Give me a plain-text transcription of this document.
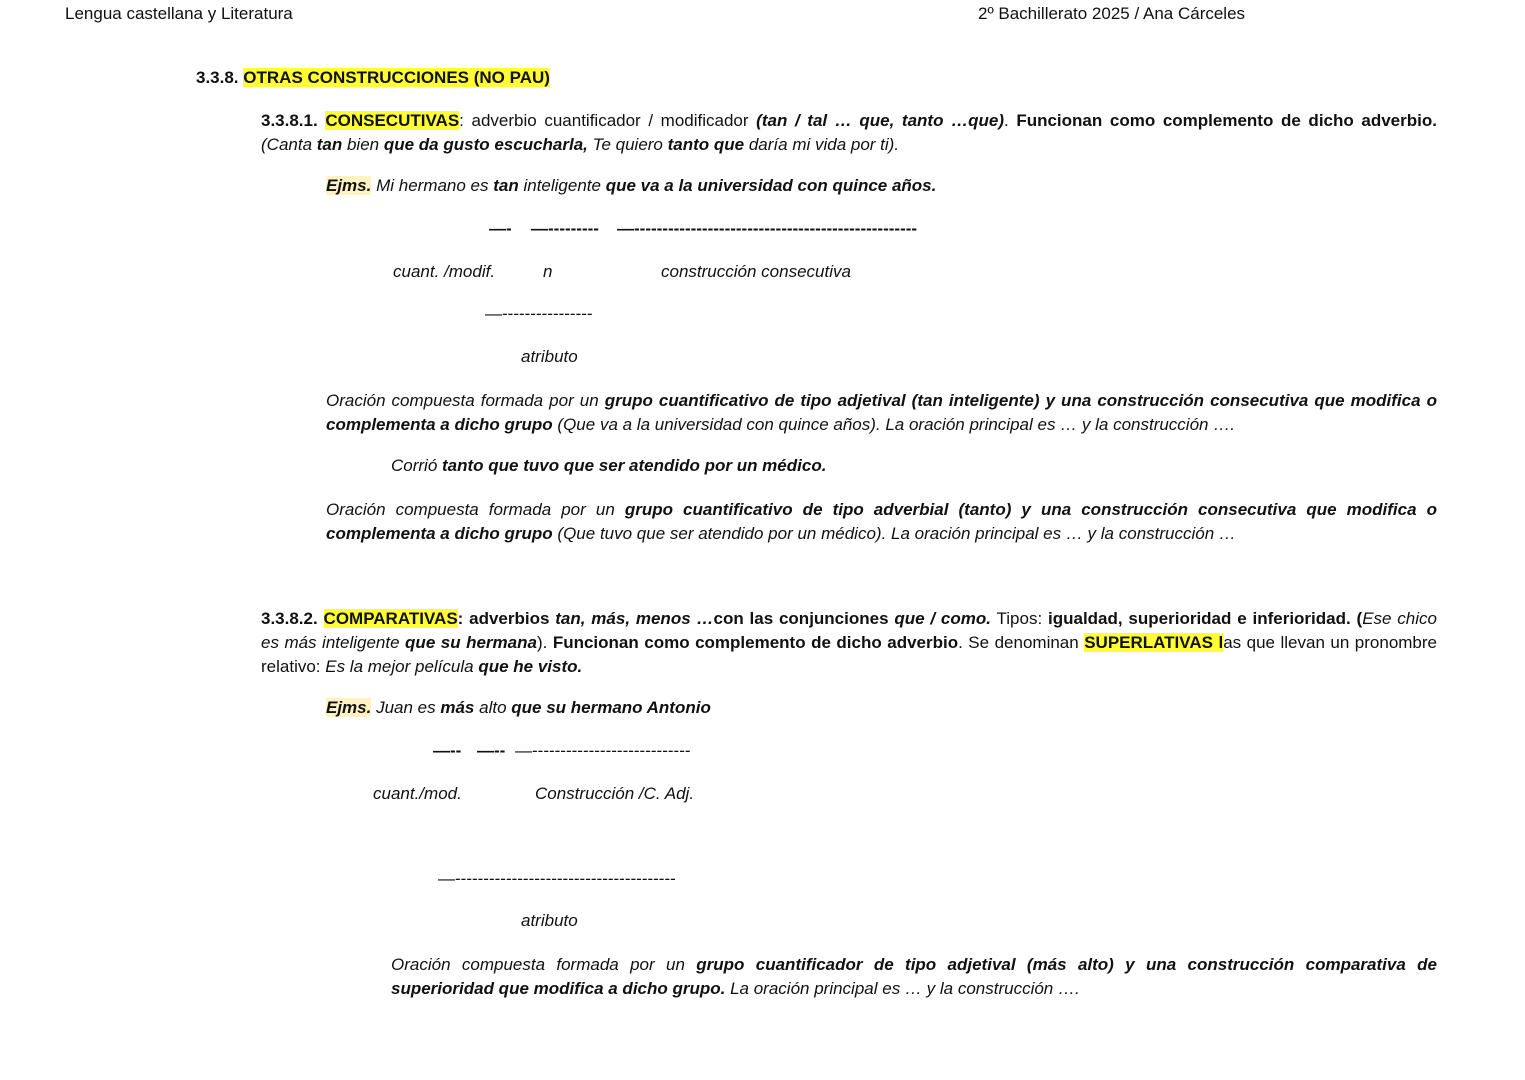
Lengua castellana y Literatura	2º Bachillerato 2025 / Ana Cárceles
3.3.8. OTRAS CONSTRUCCIONES (NO PAU)
3.3.8.1. CONSECUTIVAS: adverbio cuantificador / modificador (tan / tal … que, tanto …que). Funcionan como complemento de dicho adverbio. (Canta tan bien que da gusto escucharla, Te quiero tanto que daría mi vida por ti).
Ejms. Mi hermano es tan inteligente que va a la universidad con quince años.
—- —--------- —--------------------------------------------------
cuant. /modif.	n	construcción consecutiva
—----------------
atributo
Oración compuesta formada por un grupo cuantificativo de tipo adjetival (tan inteligente) y una construcción consecutiva que modifica o complementa a dicho grupo (Que va a la universidad con quince años). La oración principal es … y la construcción ….
Corrió tanto que tuvo que ser atendido por un médico.
Oración compuesta formada por un grupo cuantificativo de tipo adverbial (tanto) y una construcción consecutiva que modifica o complementa a dicho grupo (Que tuvo que ser atendido por un médico). La oración principal es … y la construcción …
3.3.8.2. COMPARATIVAS: adverbios tan, más, menos …con las conjunciones que / como. Tipos: igualdad, superioridad e inferioridad. (Ese chico es más inteligente que su hermana). Funcionan como complemento de dicho adverbio. Se denominan SUPERLATIVAS las que llevan un pronombre relativo: Es la mejor película que he visto.
Ejms. Juan es más alto que su hermano Antonio
—-- —-- —----------------------------
cuant./mod.	Construcción /C. Adj.
—---------------------------------------
atributo
Oración compuesta formada por un grupo cuantificador de tipo adjetival (más alto) y una construcción comparativa de superioridad que modifica a dicho grupo. La oración principal es … y la construcción ….
